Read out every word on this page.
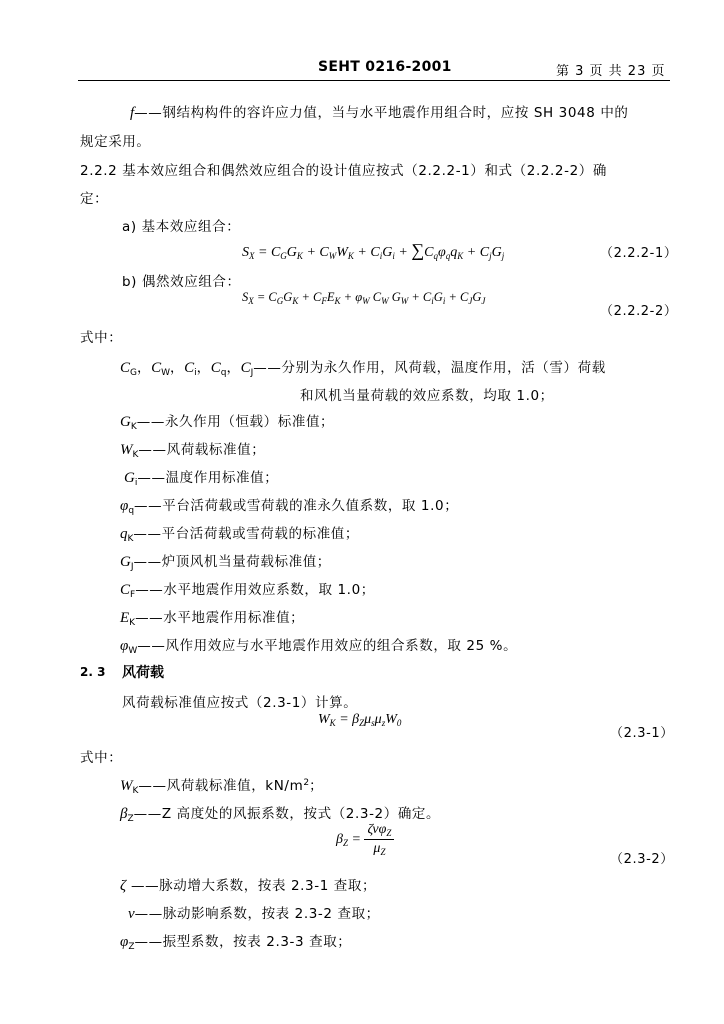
SEHT 0216-2001	第 3 页 共 23 页
f——钢结构构件的容许应力值，当与水平地震作用组合时，应按 SH 3048 中的
规定采用。
2.2.2 基本效应组合和偶然效应组合的设计值应按式（2.2.2-1）和式（2.2.2-2）确
定：
a) 基本效应组合：
$S_X = C_GG_K + C_WW_K + C_iG_i + \sum C_q\varphi_qq_K + C_jG_j$	（2.2.2-1）
b) 偶然效应组合：
$S_X = C_GG_K + C_FE_K + \varphi_W$ $C_W$ $G_W + C_iG_i + C_JG_J$
（2.2.2-2）
式中：
$C_G$，$C_W$，$C_i$，$C_q$，$C_J——$分别为永久作用，风荷载，温度作用，活（雪）荷载
和风机当量荷载的效应系数，均取 1.0；
$G_K——$永久作用（恒载）标准值；
$W_K——$风荷载标准值；
$G_i——$温度作用标准值；
$\varphi_q——$平台活荷载或雪荷载的准永久值系数，取 1.0；
$q_K——$平台活荷载或雪荷载的标准值；
$G_J——$炉顶风机当量荷载标准值；
$C_F——$水平地震作用效应系数，取 1.0；
$E_K——$水平地震作用标准值；
$\varphi_W——$风作用效应与水平地震作用效应的组合系数，取 25 %。
2. 3 风荷载
风荷载标准值应按式（2.3-1）计算。
$W_K = \beta_Z\mu_s\mu_zW_0$
（2.3-1）
式中：
$W_K——$风荷载标准值，$kN/m^2$；
$\beta_Z——Z$ 高度处的风振系数，按式（2.3-2）确定。
$\beta_Z = \frac{\zeta\nu\varphi_Z}{\mu_Z}$
（2.3-2）
ζ ——脉动增大系数，按表 2.3-1 查取；
ν——脉动影响系数，按表 2.3-2 查取；
$\varphi_Z——$振型系数，按表 2.3-3 查取；
